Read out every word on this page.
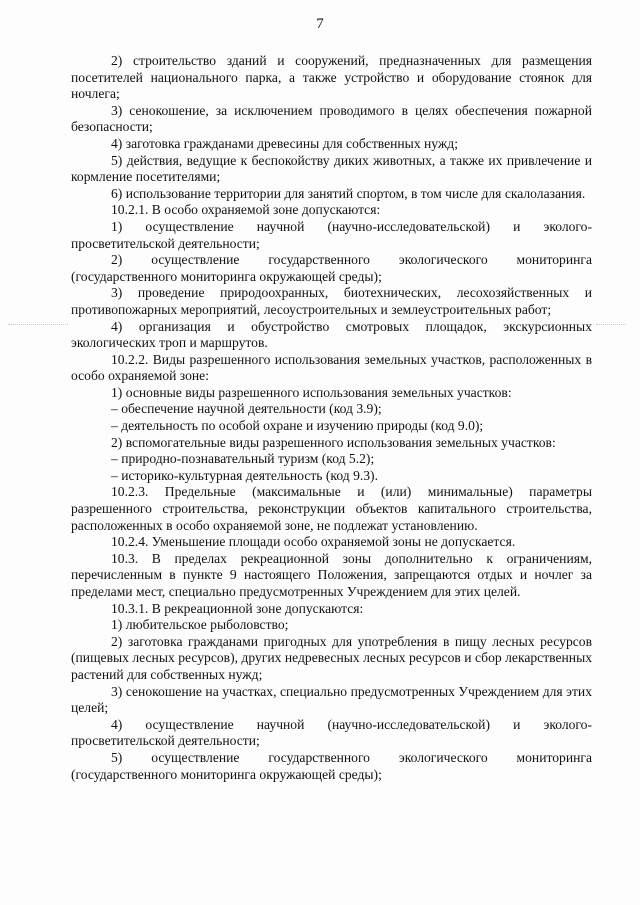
7

2) строительство зданий и сооружений, предназначенных для размещения посетителей национального парка, а также устройство и оборудование стоянок для ночлега;

3) сенокошение, за исключением проводимого в целях обеспечения пожарной безопасности;

4) заготовка гражданами древесины для собственных нужд;

5) действия, ведущие к беспокойству диких животных, а также их привлечение и кормление посетителями;

6) использование территории для занятий спортом, в том числе для скалолазания.

10.2.1. В особо охраняемой зоне допускаются:

1) осуществление научной (научно-исследовательской) и эколого-просветительской деятельности;

2) осуществление государственного экологического мониторинга (государственного мониторинга окружающей среды);

3) проведение природоохранных, биотехнических, лесохозяйственных и противопожарных мероприятий, лесоустроительных и землеустроительных работ;

4) организация и обустройство смотровых площадок, экскурсионных экологических троп и маршрутов.

10.2.2. Виды разрешенного использования земельных участков, расположенных в особо охраняемой зоне:

1) основные виды разрешенного использования земельных участков:

– обеспечение научной деятельности (код 3.9);

– деятельность по особой охране и изучению природы (код 9.0);

2) вспомогательные виды разрешенного использования земельных участков:

– природно-познавательный туризм (код 5.2);

– историко-культурная деятельность (код 9.3).

10.2.3. Предельные (максимальные и (или) минимальные) параметры разрешенного строительства, реконструкции объектов капитального строительства, расположенных в особо охраняемой зоне, не подлежат установлению.

10.2.4. Уменьшение площади особо охраняемой зоны не допускается.

10.3. В пределах рекреационной зоны дополнительно к ограничениям, перечисленным в пункте 9 настоящего Положения, запрещаются отдых и ночлег за пределами мест, специально предусмотренных Учреждением для этих целей.

10.3.1. В рекреационной зоне допускаются:

1) любительское рыболовство;

2) заготовка гражданами пригодных для употребления в пищу лесных ресурсов (пищевых лесных ресурсов), других недревесных лесных ресурсов и сбор лекарственных растений для собственных нужд;

3) сенокошение на участках, специально предусмотренных Учреждением для этих целей;

4) осуществление научной (научно-исследовательской) и эколого-просветительской деятельности;

5) осуществление государственного экологического мониторинга (государственного мониторинга окружающей среды);
